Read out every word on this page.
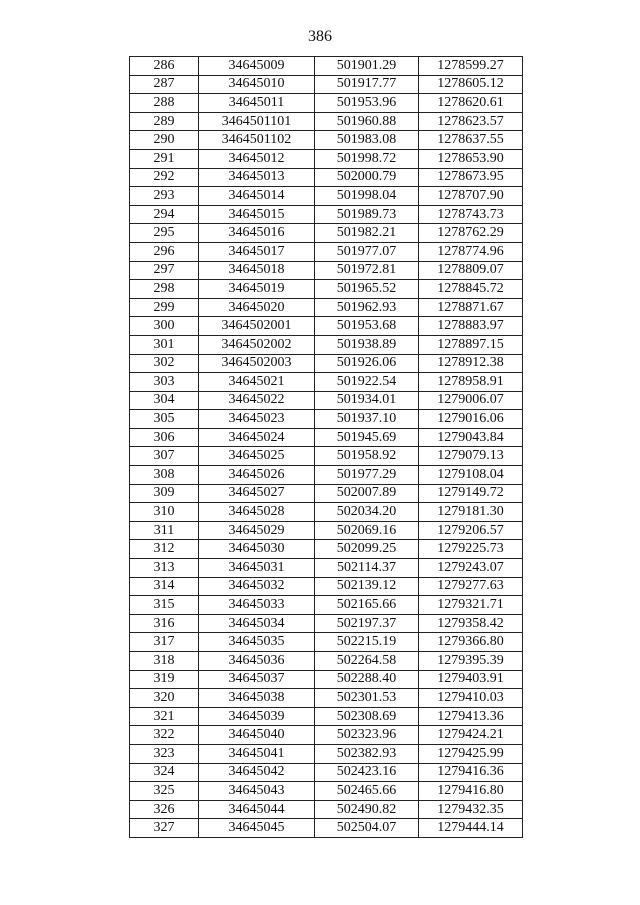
386
286	34645009	501901.29	1278599.27
287	34645010	501917.77	1278605.12
288	34645011	501953.96	1278620.61
289	3464501101	501960.88	1278623.57
290	3464501102	501983.08	1278637.55
291	34645012	501998.72	1278653.90
292	34645013	502000.79	1278673.95
293	34645014	501998.04	1278707.90
294	34645015	501989.73	1278743.73
295	34645016	501982.21	1278762.29
296	34645017	501977.07	1278774.96
297	34645018	501972.81	1278809.07
298	34645019	501965.52	1278845.72
299	34645020	501962.93	1278871.67
300	3464502001	501953.68	1278883.97
301	3464502002	501938.89	1278897.15
302	3464502003	501926.06	1278912.38
303	34645021	501922.54	1278958.91
304	34645022	501934.01	1279006.07
305	34645023	501937.10	1279016.06
306	34645024	501945.69	1279043.84
307	34645025	501958.92	1279079.13
308	34645026	501977.29	1279108.04
309	34645027	502007.89	1279149.72
310	34645028	502034.20	1279181.30
311	34645029	502069.16	1279206.57
312	34645030	502099.25	1279225.73
313	34645031	502114.37	1279243.07
314	34645032	502139.12	1279277.63
315	34645033	502165.66	1279321.71
316	34645034	502197.37	1279358.42
317	34645035	502215.19	1279366.80
318	34645036	502264.58	1279395.39
319	34645037	502288.40	1279403.91
320	34645038	502301.53	1279410.03
321	34645039	502308.69	1279413.36
322	34645040	502323.96	1279424.21
323	34645041	502382.93	1279425.99
324	34645042	502423.16	1279416.36
325	34645043	502465.66	1279416.80
326	34645044	502490.82	1279432.35
327	34645045	502504.07	1279444.14
